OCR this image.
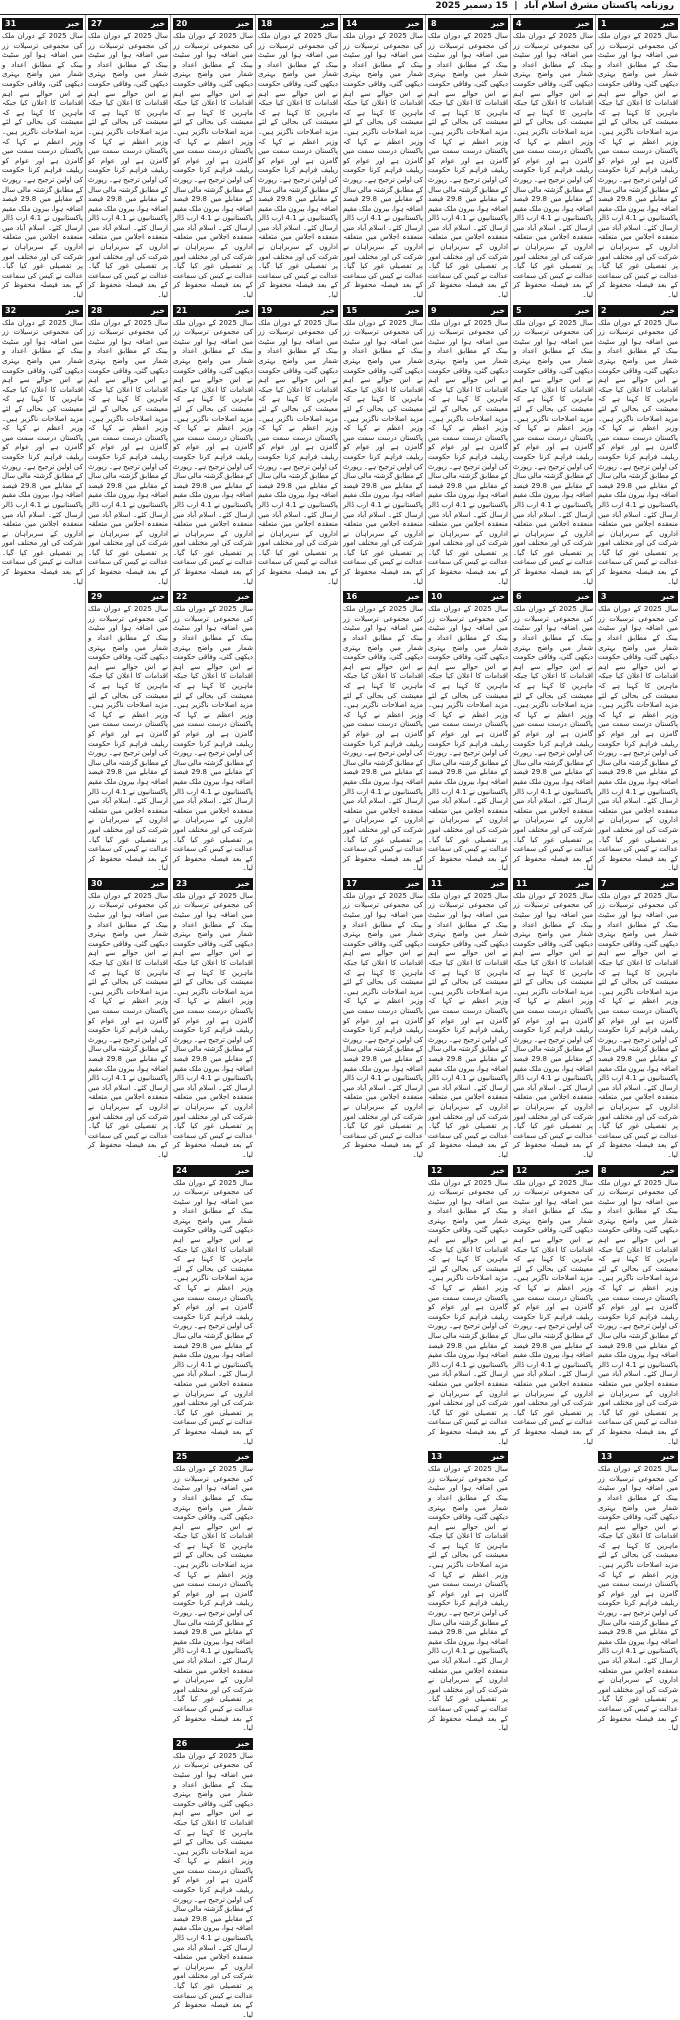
روزنامہ پاکستان مشرق اسلام آباد  |  15 دسمبر 2025
خبر
1
سال 2025 کے دوران ملک کی مجموعی ترسیلات زر میں اضافہ ہوا اور سٹیٹ بینک کے مطابق اعداد و شمار میں واضح بہتری دیکھی گئی، وفاقی حکومت نے اس حوالے سے اہم اقدامات کا اعلان کیا جبکہ ماہرین کا کہنا ہے کہ معیشت کی بحالی کے لئے مزید اصلاحات ناگزیر ہیں۔ وزیر اعظم نے کہا کہ پاکستان درست سمت میں گامزن ہے اور عوام کو ریلیف فراہم کرنا حکومت کی اولین ترجیح ہے۔ رپورٹ کے مطابق گزشتہ مالی سال کے مقابلے میں 29.8 فیصد اضافہ ہوا، بیرون ملک مقیم پاکستانیوں نے 4.1 ارب ڈالر ارسال کئے۔ اسلام آباد میں منعقدہ اجلاس میں متعلقہ اداروں کے سربراہان نے شرکت کی اور مختلف امور پر تفصیلی غور کیا گیا۔ عدالت نے کیس کی سماعت کے بعد فیصلہ محفوظ کر لیا۔
خبر
2
سال 2025 کے دوران ملک کی مجموعی ترسیلات زر میں اضافہ ہوا اور سٹیٹ بینک کے مطابق اعداد و شمار میں واضح بہتری دیکھی گئی، وفاقی حکومت نے اس حوالے سے اہم اقدامات کا اعلان کیا جبکہ ماہرین کا کہنا ہے کہ معیشت کی بحالی کے لئے مزید اصلاحات ناگزیر ہیں۔ وزیر اعظم نے کہا کہ پاکستان درست سمت میں گامزن ہے اور عوام کو ریلیف فراہم کرنا حکومت کی اولین ترجیح ہے۔ رپورٹ کے مطابق گزشتہ مالی سال کے مقابلے میں 29.8 فیصد اضافہ ہوا، بیرون ملک مقیم پاکستانیوں نے 4.1 ارب ڈالر ارسال کئے۔ اسلام آباد میں منعقدہ اجلاس میں متعلقہ اداروں کے سربراہان نے شرکت کی اور مختلف امور پر تفصیلی غور کیا گیا۔ عدالت نے کیس کی سماعت کے بعد فیصلہ محفوظ کر لیا۔
خبر
3
سال 2025 کے دوران ملک کی مجموعی ترسیلات زر میں اضافہ ہوا اور سٹیٹ بینک کے مطابق اعداد و شمار میں واضح بہتری دیکھی گئی، وفاقی حکومت نے اس حوالے سے اہم اقدامات کا اعلان کیا جبکہ ماہرین کا کہنا ہے کہ معیشت کی بحالی کے لئے مزید اصلاحات ناگزیر ہیں۔ وزیر اعظم نے کہا کہ پاکستان درست سمت میں گامزن ہے اور عوام کو ریلیف فراہم کرنا حکومت کی اولین ترجیح ہے۔ رپورٹ کے مطابق گزشتہ مالی سال کے مقابلے میں 29.8 فیصد اضافہ ہوا، بیرون ملک مقیم پاکستانیوں نے 4.1 ارب ڈالر ارسال کئے۔ اسلام آباد میں منعقدہ اجلاس میں متعلقہ اداروں کے سربراہان نے شرکت کی اور مختلف امور پر تفصیلی غور کیا گیا۔ عدالت نے کیس کی سماعت کے بعد فیصلہ محفوظ کر لیا۔
خبر
7
سال 2025 کے دوران ملک کی مجموعی ترسیلات زر میں اضافہ ہوا اور سٹیٹ بینک کے مطابق اعداد و شمار میں واضح بہتری دیکھی گئی، وفاقی حکومت نے اس حوالے سے اہم اقدامات کا اعلان کیا جبکہ ماہرین کا کہنا ہے کہ معیشت کی بحالی کے لئے مزید اصلاحات ناگزیر ہیں۔ وزیر اعظم نے کہا کہ پاکستان درست سمت میں گامزن ہے اور عوام کو ریلیف فراہم کرنا حکومت کی اولین ترجیح ہے۔ رپورٹ کے مطابق گزشتہ مالی سال کے مقابلے میں 29.8 فیصد اضافہ ہوا، بیرون ملک مقیم پاکستانیوں نے 4.1 ارب ڈالر ارسال کئے۔ اسلام آباد میں منعقدہ اجلاس میں متعلقہ اداروں کے سربراہان نے شرکت کی اور مختلف امور پر تفصیلی غور کیا گیا۔ عدالت نے کیس کی سماعت کے بعد فیصلہ محفوظ کر لیا۔
خبر
8
سال 2025 کے دوران ملک کی مجموعی ترسیلات زر میں اضافہ ہوا اور سٹیٹ بینک کے مطابق اعداد و شمار میں واضح بہتری دیکھی گئی، وفاقی حکومت نے اس حوالے سے اہم اقدامات کا اعلان کیا جبکہ ماہرین کا کہنا ہے کہ معیشت کی بحالی کے لئے مزید اصلاحات ناگزیر ہیں۔ وزیر اعظم نے کہا کہ پاکستان درست سمت میں گامزن ہے اور عوام کو ریلیف فراہم کرنا حکومت کی اولین ترجیح ہے۔ رپورٹ کے مطابق گزشتہ مالی سال کے مقابلے میں 29.8 فیصد اضافہ ہوا، بیرون ملک مقیم پاکستانیوں نے 4.1 ارب ڈالر ارسال کئے۔ اسلام آباد میں منعقدہ اجلاس میں متعلقہ اداروں کے سربراہان نے شرکت کی اور مختلف امور پر تفصیلی غور کیا گیا۔ عدالت نے کیس کی سماعت کے بعد فیصلہ محفوظ کر لیا۔
خبر
13
سال 2025 کے دوران ملک کی مجموعی ترسیلات زر میں اضافہ ہوا اور سٹیٹ بینک کے مطابق اعداد و شمار میں واضح بہتری دیکھی گئی، وفاقی حکومت نے اس حوالے سے اہم اقدامات کا اعلان کیا جبکہ ماہرین کا کہنا ہے کہ معیشت کی بحالی کے لئے مزید اصلاحات ناگزیر ہیں۔ وزیر اعظم نے کہا کہ پاکستان درست سمت میں گامزن ہے اور عوام کو ریلیف فراہم کرنا حکومت کی اولین ترجیح ہے۔ رپورٹ کے مطابق گزشتہ مالی سال کے مقابلے میں 29.8 فیصد اضافہ ہوا، بیرون ملک مقیم پاکستانیوں نے 4.1 ارب ڈالر ارسال کئے۔ اسلام آباد میں منعقدہ اجلاس میں متعلقہ اداروں کے سربراہان نے شرکت کی اور مختلف امور پر تفصیلی غور کیا گیا۔ عدالت نے کیس کی سماعت کے بعد فیصلہ محفوظ کر لیا۔
خبر
4
سال 2025 کے دوران ملک کی مجموعی ترسیلات زر میں اضافہ ہوا اور سٹیٹ بینک کے مطابق اعداد و شمار میں واضح بہتری دیکھی گئی، وفاقی حکومت نے اس حوالے سے اہم اقدامات کا اعلان کیا جبکہ ماہرین کا کہنا ہے کہ معیشت کی بحالی کے لئے مزید اصلاحات ناگزیر ہیں۔ وزیر اعظم نے کہا کہ پاکستان درست سمت میں گامزن ہے اور عوام کو ریلیف فراہم کرنا حکومت کی اولین ترجیح ہے۔ رپورٹ کے مطابق گزشتہ مالی سال کے مقابلے میں 29.8 فیصد اضافہ ہوا، بیرون ملک مقیم پاکستانیوں نے 4.1 ارب ڈالر ارسال کئے۔ اسلام آباد میں منعقدہ اجلاس میں متعلقہ اداروں کے سربراہان نے شرکت کی اور مختلف امور پر تفصیلی غور کیا گیا۔ عدالت نے کیس کی سماعت کے بعد فیصلہ محفوظ کر لیا۔
خبر
5
سال 2025 کے دوران ملک کی مجموعی ترسیلات زر میں اضافہ ہوا اور سٹیٹ بینک کے مطابق اعداد و شمار میں واضح بہتری دیکھی گئی، وفاقی حکومت نے اس حوالے سے اہم اقدامات کا اعلان کیا جبکہ ماہرین کا کہنا ہے کہ معیشت کی بحالی کے لئے مزید اصلاحات ناگزیر ہیں۔ وزیر اعظم نے کہا کہ پاکستان درست سمت میں گامزن ہے اور عوام کو ریلیف فراہم کرنا حکومت کی اولین ترجیح ہے۔ رپورٹ کے مطابق گزشتہ مالی سال کے مقابلے میں 29.8 فیصد اضافہ ہوا، بیرون ملک مقیم پاکستانیوں نے 4.1 ارب ڈالر ارسال کئے۔ اسلام آباد میں منعقدہ اجلاس میں متعلقہ اداروں کے سربراہان نے شرکت کی اور مختلف امور پر تفصیلی غور کیا گیا۔ عدالت نے کیس کی سماعت کے بعد فیصلہ محفوظ کر لیا۔
خبر
6
سال 2025 کے دوران ملک کی مجموعی ترسیلات زر میں اضافہ ہوا اور سٹیٹ بینک کے مطابق اعداد و شمار میں واضح بہتری دیکھی گئی، وفاقی حکومت نے اس حوالے سے اہم اقدامات کا اعلان کیا جبکہ ماہرین کا کہنا ہے کہ معیشت کی بحالی کے لئے مزید اصلاحات ناگزیر ہیں۔ وزیر اعظم نے کہا کہ پاکستان درست سمت میں گامزن ہے اور عوام کو ریلیف فراہم کرنا حکومت کی اولین ترجیح ہے۔ رپورٹ کے مطابق گزشتہ مالی سال کے مقابلے میں 29.8 فیصد اضافہ ہوا، بیرون ملک مقیم پاکستانیوں نے 4.1 ارب ڈالر ارسال کئے۔ اسلام آباد میں منعقدہ اجلاس میں متعلقہ اداروں کے سربراہان نے شرکت کی اور مختلف امور پر تفصیلی غور کیا گیا۔ عدالت نے کیس کی سماعت کے بعد فیصلہ محفوظ کر لیا۔
خبر
11
سال 2025 کے دوران ملک کی مجموعی ترسیلات زر میں اضافہ ہوا اور سٹیٹ بینک کے مطابق اعداد و شمار میں واضح بہتری دیکھی گئی، وفاقی حکومت نے اس حوالے سے اہم اقدامات کا اعلان کیا جبکہ ماہرین کا کہنا ہے کہ معیشت کی بحالی کے لئے مزید اصلاحات ناگزیر ہیں۔ وزیر اعظم نے کہا کہ پاکستان درست سمت میں گامزن ہے اور عوام کو ریلیف فراہم کرنا حکومت کی اولین ترجیح ہے۔ رپورٹ کے مطابق گزشتہ مالی سال کے مقابلے میں 29.8 فیصد اضافہ ہوا، بیرون ملک مقیم پاکستانیوں نے 4.1 ارب ڈالر ارسال کئے۔ اسلام آباد میں منعقدہ اجلاس میں متعلقہ اداروں کے سربراہان نے شرکت کی اور مختلف امور پر تفصیلی غور کیا گیا۔ عدالت نے کیس کی سماعت کے بعد فیصلہ محفوظ کر لیا۔
خبر
12
سال 2025 کے دوران ملک کی مجموعی ترسیلات زر میں اضافہ ہوا اور سٹیٹ بینک کے مطابق اعداد و شمار میں واضح بہتری دیکھی گئی، وفاقی حکومت نے اس حوالے سے اہم اقدامات کا اعلان کیا جبکہ ماہرین کا کہنا ہے کہ معیشت کی بحالی کے لئے مزید اصلاحات ناگزیر ہیں۔ وزیر اعظم نے کہا کہ پاکستان درست سمت میں گامزن ہے اور عوام کو ریلیف فراہم کرنا حکومت کی اولین ترجیح ہے۔ رپورٹ کے مطابق گزشتہ مالی سال کے مقابلے میں 29.8 فیصد اضافہ ہوا، بیرون ملک مقیم پاکستانیوں نے 4.1 ارب ڈالر ارسال کئے۔ اسلام آباد میں منعقدہ اجلاس میں متعلقہ اداروں کے سربراہان نے شرکت کی اور مختلف امور پر تفصیلی غور کیا گیا۔ عدالت نے کیس کی سماعت کے بعد فیصلہ محفوظ کر لیا۔
خبر
8
سال 2025 کے دوران ملک کی مجموعی ترسیلات زر میں اضافہ ہوا اور سٹیٹ بینک کے مطابق اعداد و شمار میں واضح بہتری دیکھی گئی، وفاقی حکومت نے اس حوالے سے اہم اقدامات کا اعلان کیا جبکہ ماہرین کا کہنا ہے کہ معیشت کی بحالی کے لئے مزید اصلاحات ناگزیر ہیں۔ وزیر اعظم نے کہا کہ پاکستان درست سمت میں گامزن ہے اور عوام کو ریلیف فراہم کرنا حکومت کی اولین ترجیح ہے۔ رپورٹ کے مطابق گزشتہ مالی سال کے مقابلے میں 29.8 فیصد اضافہ ہوا، بیرون ملک مقیم پاکستانیوں نے 4.1 ارب ڈالر ارسال کئے۔ اسلام آباد میں منعقدہ اجلاس میں متعلقہ اداروں کے سربراہان نے شرکت کی اور مختلف امور پر تفصیلی غور کیا گیا۔ عدالت نے کیس کی سماعت کے بعد فیصلہ محفوظ کر لیا۔
خبر
9
سال 2025 کے دوران ملک کی مجموعی ترسیلات زر میں اضافہ ہوا اور سٹیٹ بینک کے مطابق اعداد و شمار میں واضح بہتری دیکھی گئی، وفاقی حکومت نے اس حوالے سے اہم اقدامات کا اعلان کیا جبکہ ماہرین کا کہنا ہے کہ معیشت کی بحالی کے لئے مزید اصلاحات ناگزیر ہیں۔ وزیر اعظم نے کہا کہ پاکستان درست سمت میں گامزن ہے اور عوام کو ریلیف فراہم کرنا حکومت کی اولین ترجیح ہے۔ رپورٹ کے مطابق گزشتہ مالی سال کے مقابلے میں 29.8 فیصد اضافہ ہوا، بیرون ملک مقیم پاکستانیوں نے 4.1 ارب ڈالر ارسال کئے۔ اسلام آباد میں منعقدہ اجلاس میں متعلقہ اداروں کے سربراہان نے شرکت کی اور مختلف امور پر تفصیلی غور کیا گیا۔ عدالت نے کیس کی سماعت کے بعد فیصلہ محفوظ کر لیا۔
خبر
10
سال 2025 کے دوران ملک کی مجموعی ترسیلات زر میں اضافہ ہوا اور سٹیٹ بینک کے مطابق اعداد و شمار میں واضح بہتری دیکھی گئی، وفاقی حکومت نے اس حوالے سے اہم اقدامات کا اعلان کیا جبکہ ماہرین کا کہنا ہے کہ معیشت کی بحالی کے لئے مزید اصلاحات ناگزیر ہیں۔ وزیر اعظم نے کہا کہ پاکستان درست سمت میں گامزن ہے اور عوام کو ریلیف فراہم کرنا حکومت کی اولین ترجیح ہے۔ رپورٹ کے مطابق گزشتہ مالی سال کے مقابلے میں 29.8 فیصد اضافہ ہوا، بیرون ملک مقیم پاکستانیوں نے 4.1 ارب ڈالر ارسال کئے۔ اسلام آباد میں منعقدہ اجلاس میں متعلقہ اداروں کے سربراہان نے شرکت کی اور مختلف امور پر تفصیلی غور کیا گیا۔ عدالت نے کیس کی سماعت کے بعد فیصلہ محفوظ کر لیا۔
خبر
11
سال 2025 کے دوران ملک کی مجموعی ترسیلات زر میں اضافہ ہوا اور سٹیٹ بینک کے مطابق اعداد و شمار میں واضح بہتری دیکھی گئی، وفاقی حکومت نے اس حوالے سے اہم اقدامات کا اعلان کیا جبکہ ماہرین کا کہنا ہے کہ معیشت کی بحالی کے لئے مزید اصلاحات ناگزیر ہیں۔ وزیر اعظم نے کہا کہ پاکستان درست سمت میں گامزن ہے اور عوام کو ریلیف فراہم کرنا حکومت کی اولین ترجیح ہے۔ رپورٹ کے مطابق گزشتہ مالی سال کے مقابلے میں 29.8 فیصد اضافہ ہوا، بیرون ملک مقیم پاکستانیوں نے 4.1 ارب ڈالر ارسال کئے۔ اسلام آباد میں منعقدہ اجلاس میں متعلقہ اداروں کے سربراہان نے شرکت کی اور مختلف امور پر تفصیلی غور کیا گیا۔ عدالت نے کیس کی سماعت کے بعد فیصلہ محفوظ کر لیا۔
خبر
12
سال 2025 کے دوران ملک کی مجموعی ترسیلات زر میں اضافہ ہوا اور سٹیٹ بینک کے مطابق اعداد و شمار میں واضح بہتری دیکھی گئی، وفاقی حکومت نے اس حوالے سے اہم اقدامات کا اعلان کیا جبکہ ماہرین کا کہنا ہے کہ معیشت کی بحالی کے لئے مزید اصلاحات ناگزیر ہیں۔ وزیر اعظم نے کہا کہ پاکستان درست سمت میں گامزن ہے اور عوام کو ریلیف فراہم کرنا حکومت کی اولین ترجیح ہے۔ رپورٹ کے مطابق گزشتہ مالی سال کے مقابلے میں 29.8 فیصد اضافہ ہوا، بیرون ملک مقیم پاکستانیوں نے 4.1 ارب ڈالر ارسال کئے۔ اسلام آباد میں منعقدہ اجلاس میں متعلقہ اداروں کے سربراہان نے شرکت کی اور مختلف امور پر تفصیلی غور کیا گیا۔ عدالت نے کیس کی سماعت کے بعد فیصلہ محفوظ کر لیا۔
خبر
13
سال 2025 کے دوران ملک کی مجموعی ترسیلات زر میں اضافہ ہوا اور سٹیٹ بینک کے مطابق اعداد و شمار میں واضح بہتری دیکھی گئی، وفاقی حکومت نے اس حوالے سے اہم اقدامات کا اعلان کیا جبکہ ماہرین کا کہنا ہے کہ معیشت کی بحالی کے لئے مزید اصلاحات ناگزیر ہیں۔ وزیر اعظم نے کہا کہ پاکستان درست سمت میں گامزن ہے اور عوام کو ریلیف فراہم کرنا حکومت کی اولین ترجیح ہے۔ رپورٹ کے مطابق گزشتہ مالی سال کے مقابلے میں 29.8 فیصد اضافہ ہوا، بیرون ملک مقیم پاکستانیوں نے 4.1 ارب ڈالر ارسال کئے۔ اسلام آباد میں منعقدہ اجلاس میں متعلقہ اداروں کے سربراہان نے شرکت کی اور مختلف امور پر تفصیلی غور کیا گیا۔ عدالت نے کیس کی سماعت کے بعد فیصلہ محفوظ کر لیا۔
خبر
14
سال 2025 کے دوران ملک کی مجموعی ترسیلات زر میں اضافہ ہوا اور سٹیٹ بینک کے مطابق اعداد و شمار میں واضح بہتری دیکھی گئی، وفاقی حکومت نے اس حوالے سے اہم اقدامات کا اعلان کیا جبکہ ماہرین کا کہنا ہے کہ معیشت کی بحالی کے لئے مزید اصلاحات ناگزیر ہیں۔ وزیر اعظم نے کہا کہ پاکستان درست سمت میں گامزن ہے اور عوام کو ریلیف فراہم کرنا حکومت کی اولین ترجیح ہے۔ رپورٹ کے مطابق گزشتہ مالی سال کے مقابلے میں 29.8 فیصد اضافہ ہوا، بیرون ملک مقیم پاکستانیوں نے 4.1 ارب ڈالر ارسال کئے۔ اسلام آباد میں منعقدہ اجلاس میں متعلقہ اداروں کے سربراہان نے شرکت کی اور مختلف امور پر تفصیلی غور کیا گیا۔ عدالت نے کیس کی سماعت کے بعد فیصلہ محفوظ کر لیا۔
خبر
15
سال 2025 کے دوران ملک کی مجموعی ترسیلات زر میں اضافہ ہوا اور سٹیٹ بینک کے مطابق اعداد و شمار میں واضح بہتری دیکھی گئی، وفاقی حکومت نے اس حوالے سے اہم اقدامات کا اعلان کیا جبکہ ماہرین کا کہنا ہے کہ معیشت کی بحالی کے لئے مزید اصلاحات ناگزیر ہیں۔ وزیر اعظم نے کہا کہ پاکستان درست سمت میں گامزن ہے اور عوام کو ریلیف فراہم کرنا حکومت کی اولین ترجیح ہے۔ رپورٹ کے مطابق گزشتہ مالی سال کے مقابلے میں 29.8 فیصد اضافہ ہوا، بیرون ملک مقیم پاکستانیوں نے 4.1 ارب ڈالر ارسال کئے۔ اسلام آباد میں منعقدہ اجلاس میں متعلقہ اداروں کے سربراہان نے شرکت کی اور مختلف امور پر تفصیلی غور کیا گیا۔ عدالت نے کیس کی سماعت کے بعد فیصلہ محفوظ کر لیا۔
خبر
16
سال 2025 کے دوران ملک کی مجموعی ترسیلات زر میں اضافہ ہوا اور سٹیٹ بینک کے مطابق اعداد و شمار میں واضح بہتری دیکھی گئی، وفاقی حکومت نے اس حوالے سے اہم اقدامات کا اعلان کیا جبکہ ماہرین کا کہنا ہے کہ معیشت کی بحالی کے لئے مزید اصلاحات ناگزیر ہیں۔ وزیر اعظم نے کہا کہ پاکستان درست سمت میں گامزن ہے اور عوام کو ریلیف فراہم کرنا حکومت کی اولین ترجیح ہے۔ رپورٹ کے مطابق گزشتہ مالی سال کے مقابلے میں 29.8 فیصد اضافہ ہوا، بیرون ملک مقیم پاکستانیوں نے 4.1 ارب ڈالر ارسال کئے۔ اسلام آباد میں منعقدہ اجلاس میں متعلقہ اداروں کے سربراہان نے شرکت کی اور مختلف امور پر تفصیلی غور کیا گیا۔ عدالت نے کیس کی سماعت کے بعد فیصلہ محفوظ کر لیا۔
خبر
17
سال 2025 کے دوران ملک کی مجموعی ترسیلات زر میں اضافہ ہوا اور سٹیٹ بینک کے مطابق اعداد و شمار میں واضح بہتری دیکھی گئی، وفاقی حکومت نے اس حوالے سے اہم اقدامات کا اعلان کیا جبکہ ماہرین کا کہنا ہے کہ معیشت کی بحالی کے لئے مزید اصلاحات ناگزیر ہیں۔ وزیر اعظم نے کہا کہ پاکستان درست سمت میں گامزن ہے اور عوام کو ریلیف فراہم کرنا حکومت کی اولین ترجیح ہے۔ رپورٹ کے مطابق گزشتہ مالی سال کے مقابلے میں 29.8 فیصد اضافہ ہوا، بیرون ملک مقیم پاکستانیوں نے 4.1 ارب ڈالر ارسال کئے۔ اسلام آباد میں منعقدہ اجلاس میں متعلقہ اداروں کے سربراہان نے شرکت کی اور مختلف امور پر تفصیلی غور کیا گیا۔ عدالت نے کیس کی سماعت کے بعد فیصلہ محفوظ کر لیا۔
خبر
18
سال 2025 کے دوران ملک کی مجموعی ترسیلات زر میں اضافہ ہوا اور سٹیٹ بینک کے مطابق اعداد و شمار میں واضح بہتری دیکھی گئی، وفاقی حکومت نے اس حوالے سے اہم اقدامات کا اعلان کیا جبکہ ماہرین کا کہنا ہے کہ معیشت کی بحالی کے لئے مزید اصلاحات ناگزیر ہیں۔ وزیر اعظم نے کہا کہ پاکستان درست سمت میں گامزن ہے اور عوام کو ریلیف فراہم کرنا حکومت کی اولین ترجیح ہے۔ رپورٹ کے مطابق گزشتہ مالی سال کے مقابلے میں 29.8 فیصد اضافہ ہوا، بیرون ملک مقیم پاکستانیوں نے 4.1 ارب ڈالر ارسال کئے۔ اسلام آباد میں منعقدہ اجلاس میں متعلقہ اداروں کے سربراہان نے شرکت کی اور مختلف امور پر تفصیلی غور کیا گیا۔ عدالت نے کیس کی سماعت کے بعد فیصلہ محفوظ کر لیا۔
خبر
19
سال 2025 کے دوران ملک کی مجموعی ترسیلات زر میں اضافہ ہوا اور سٹیٹ بینک کے مطابق اعداد و شمار میں واضح بہتری دیکھی گئی، وفاقی حکومت نے اس حوالے سے اہم اقدامات کا اعلان کیا جبکہ ماہرین کا کہنا ہے کہ معیشت کی بحالی کے لئے مزید اصلاحات ناگزیر ہیں۔ وزیر اعظم نے کہا کہ پاکستان درست سمت میں گامزن ہے اور عوام کو ریلیف فراہم کرنا حکومت کی اولین ترجیح ہے۔ رپورٹ کے مطابق گزشتہ مالی سال کے مقابلے میں 29.8 فیصد اضافہ ہوا، بیرون ملک مقیم پاکستانیوں نے 4.1 ارب ڈالر ارسال کئے۔ اسلام آباد میں منعقدہ اجلاس میں متعلقہ اداروں کے سربراہان نے شرکت کی اور مختلف امور پر تفصیلی غور کیا گیا۔ عدالت نے کیس کی سماعت کے بعد فیصلہ محفوظ کر لیا۔
خبر
20
سال 2025 کے دوران ملک کی مجموعی ترسیلات زر میں اضافہ ہوا اور سٹیٹ بینک کے مطابق اعداد و شمار میں واضح بہتری دیکھی گئی، وفاقی حکومت نے اس حوالے سے اہم اقدامات کا اعلان کیا جبکہ ماہرین کا کہنا ہے کہ معیشت کی بحالی کے لئے مزید اصلاحات ناگزیر ہیں۔ وزیر اعظم نے کہا کہ پاکستان درست سمت میں گامزن ہے اور عوام کو ریلیف فراہم کرنا حکومت کی اولین ترجیح ہے۔ رپورٹ کے مطابق گزشتہ مالی سال کے مقابلے میں 29.8 فیصد اضافہ ہوا، بیرون ملک مقیم پاکستانیوں نے 4.1 ارب ڈالر ارسال کئے۔ اسلام آباد میں منعقدہ اجلاس میں متعلقہ اداروں کے سربراہان نے شرکت کی اور مختلف امور پر تفصیلی غور کیا گیا۔ عدالت نے کیس کی سماعت کے بعد فیصلہ محفوظ کر لیا۔
خبر
21
سال 2025 کے دوران ملک کی مجموعی ترسیلات زر میں اضافہ ہوا اور سٹیٹ بینک کے مطابق اعداد و شمار میں واضح بہتری دیکھی گئی، وفاقی حکومت نے اس حوالے سے اہم اقدامات کا اعلان کیا جبکہ ماہرین کا کہنا ہے کہ معیشت کی بحالی کے لئے مزید اصلاحات ناگزیر ہیں۔ وزیر اعظم نے کہا کہ پاکستان درست سمت میں گامزن ہے اور عوام کو ریلیف فراہم کرنا حکومت کی اولین ترجیح ہے۔ رپورٹ کے مطابق گزشتہ مالی سال کے مقابلے میں 29.8 فیصد اضافہ ہوا، بیرون ملک مقیم پاکستانیوں نے 4.1 ارب ڈالر ارسال کئے۔ اسلام آباد میں منعقدہ اجلاس میں متعلقہ اداروں کے سربراہان نے شرکت کی اور مختلف امور پر تفصیلی غور کیا گیا۔ عدالت نے کیس کی سماعت کے بعد فیصلہ محفوظ کر لیا۔
خبر
22
سال 2025 کے دوران ملک کی مجموعی ترسیلات زر میں اضافہ ہوا اور سٹیٹ بینک کے مطابق اعداد و شمار میں واضح بہتری دیکھی گئی، وفاقی حکومت نے اس حوالے سے اہم اقدامات کا اعلان کیا جبکہ ماہرین کا کہنا ہے کہ معیشت کی بحالی کے لئے مزید اصلاحات ناگزیر ہیں۔ وزیر اعظم نے کہا کہ پاکستان درست سمت میں گامزن ہے اور عوام کو ریلیف فراہم کرنا حکومت کی اولین ترجیح ہے۔ رپورٹ کے مطابق گزشتہ مالی سال کے مقابلے میں 29.8 فیصد اضافہ ہوا، بیرون ملک مقیم پاکستانیوں نے 4.1 ارب ڈالر ارسال کئے۔ اسلام آباد میں منعقدہ اجلاس میں متعلقہ اداروں کے سربراہان نے شرکت کی اور مختلف امور پر تفصیلی غور کیا گیا۔ عدالت نے کیس کی سماعت کے بعد فیصلہ محفوظ کر لیا۔
خبر
23
سال 2025 کے دوران ملک کی مجموعی ترسیلات زر میں اضافہ ہوا اور سٹیٹ بینک کے مطابق اعداد و شمار میں واضح بہتری دیکھی گئی، وفاقی حکومت نے اس حوالے سے اہم اقدامات کا اعلان کیا جبکہ ماہرین کا کہنا ہے کہ معیشت کی بحالی کے لئے مزید اصلاحات ناگزیر ہیں۔ وزیر اعظم نے کہا کہ پاکستان درست سمت میں گامزن ہے اور عوام کو ریلیف فراہم کرنا حکومت کی اولین ترجیح ہے۔ رپورٹ کے مطابق گزشتہ مالی سال کے مقابلے میں 29.8 فیصد اضافہ ہوا، بیرون ملک مقیم پاکستانیوں نے 4.1 ارب ڈالر ارسال کئے۔ اسلام آباد میں منعقدہ اجلاس میں متعلقہ اداروں کے سربراہان نے شرکت کی اور مختلف امور پر تفصیلی غور کیا گیا۔ عدالت نے کیس کی سماعت کے بعد فیصلہ محفوظ کر لیا۔
خبر
24
سال 2025 کے دوران ملک کی مجموعی ترسیلات زر میں اضافہ ہوا اور سٹیٹ بینک کے مطابق اعداد و شمار میں واضح بہتری دیکھی گئی، وفاقی حکومت نے اس حوالے سے اہم اقدامات کا اعلان کیا جبکہ ماہرین کا کہنا ہے کہ معیشت کی بحالی کے لئے مزید اصلاحات ناگزیر ہیں۔ وزیر اعظم نے کہا کہ پاکستان درست سمت میں گامزن ہے اور عوام کو ریلیف فراہم کرنا حکومت کی اولین ترجیح ہے۔ رپورٹ کے مطابق گزشتہ مالی سال کے مقابلے میں 29.8 فیصد اضافہ ہوا، بیرون ملک مقیم پاکستانیوں نے 4.1 ارب ڈالر ارسال کئے۔ اسلام آباد میں منعقدہ اجلاس میں متعلقہ اداروں کے سربراہان نے شرکت کی اور مختلف امور پر تفصیلی غور کیا گیا۔ عدالت نے کیس کی سماعت کے بعد فیصلہ محفوظ کر لیا۔
خبر
25
سال 2025 کے دوران ملک کی مجموعی ترسیلات زر میں اضافہ ہوا اور سٹیٹ بینک کے مطابق اعداد و شمار میں واضح بہتری دیکھی گئی، وفاقی حکومت نے اس حوالے سے اہم اقدامات کا اعلان کیا جبکہ ماہرین کا کہنا ہے کہ معیشت کی بحالی کے لئے مزید اصلاحات ناگزیر ہیں۔ وزیر اعظم نے کہا کہ پاکستان درست سمت میں گامزن ہے اور عوام کو ریلیف فراہم کرنا حکومت کی اولین ترجیح ہے۔ رپورٹ کے مطابق گزشتہ مالی سال کے مقابلے میں 29.8 فیصد اضافہ ہوا، بیرون ملک مقیم پاکستانیوں نے 4.1 ارب ڈالر ارسال کئے۔ اسلام آباد میں منعقدہ اجلاس میں متعلقہ اداروں کے سربراہان نے شرکت کی اور مختلف امور پر تفصیلی غور کیا گیا۔ عدالت نے کیس کی سماعت کے بعد فیصلہ محفوظ کر لیا۔
خبر
26
سال 2025 کے دوران ملک کی مجموعی ترسیلات زر میں اضافہ ہوا اور سٹیٹ بینک کے مطابق اعداد و شمار میں واضح بہتری دیکھی گئی، وفاقی حکومت نے اس حوالے سے اہم اقدامات کا اعلان کیا جبکہ ماہرین کا کہنا ہے کہ معیشت کی بحالی کے لئے مزید اصلاحات ناگزیر ہیں۔ وزیر اعظم نے کہا کہ پاکستان درست سمت میں گامزن ہے اور عوام کو ریلیف فراہم کرنا حکومت کی اولین ترجیح ہے۔ رپورٹ کے مطابق گزشتہ مالی سال کے مقابلے میں 29.8 فیصد اضافہ ہوا، بیرون ملک مقیم پاکستانیوں نے 4.1 ارب ڈالر ارسال کئے۔ اسلام آباد میں منعقدہ اجلاس میں متعلقہ اداروں کے سربراہان نے شرکت کی اور مختلف امور پر تفصیلی غور کیا گیا۔ عدالت نے کیس کی سماعت کے بعد فیصلہ محفوظ کر لیا۔
خبر
27
سال 2025 کے دوران ملک کی مجموعی ترسیلات زر میں اضافہ ہوا اور سٹیٹ بینک کے مطابق اعداد و شمار میں واضح بہتری دیکھی گئی، وفاقی حکومت نے اس حوالے سے اہم اقدامات کا اعلان کیا جبکہ ماہرین کا کہنا ہے کہ معیشت کی بحالی کے لئے مزید اصلاحات ناگزیر ہیں۔ وزیر اعظم نے کہا کہ پاکستان درست سمت میں گامزن ہے اور عوام کو ریلیف فراہم کرنا حکومت کی اولین ترجیح ہے۔ رپورٹ کے مطابق گزشتہ مالی سال کے مقابلے میں 29.8 فیصد اضافہ ہوا، بیرون ملک مقیم پاکستانیوں نے 4.1 ارب ڈالر ارسال کئے۔ اسلام آباد میں منعقدہ اجلاس میں متعلقہ اداروں کے سربراہان نے شرکت کی اور مختلف امور پر تفصیلی غور کیا گیا۔ عدالت نے کیس کی سماعت کے بعد فیصلہ محفوظ کر لیا۔
خبر
28
سال 2025 کے دوران ملک کی مجموعی ترسیلات زر میں اضافہ ہوا اور سٹیٹ بینک کے مطابق اعداد و شمار میں واضح بہتری دیکھی گئی، وفاقی حکومت نے اس حوالے سے اہم اقدامات کا اعلان کیا جبکہ ماہرین کا کہنا ہے کہ معیشت کی بحالی کے لئے مزید اصلاحات ناگزیر ہیں۔ وزیر اعظم نے کہا کہ پاکستان درست سمت میں گامزن ہے اور عوام کو ریلیف فراہم کرنا حکومت کی اولین ترجیح ہے۔ رپورٹ کے مطابق گزشتہ مالی سال کے مقابلے میں 29.8 فیصد اضافہ ہوا، بیرون ملک مقیم پاکستانیوں نے 4.1 ارب ڈالر ارسال کئے۔ اسلام آباد میں منعقدہ اجلاس میں متعلقہ اداروں کے سربراہان نے شرکت کی اور مختلف امور پر تفصیلی غور کیا گیا۔ عدالت نے کیس کی سماعت کے بعد فیصلہ محفوظ کر لیا۔
خبر
29
سال 2025 کے دوران ملک کی مجموعی ترسیلات زر میں اضافہ ہوا اور سٹیٹ بینک کے مطابق اعداد و شمار میں واضح بہتری دیکھی گئی، وفاقی حکومت نے اس حوالے سے اہم اقدامات کا اعلان کیا جبکہ ماہرین کا کہنا ہے کہ معیشت کی بحالی کے لئے مزید اصلاحات ناگزیر ہیں۔ وزیر اعظم نے کہا کہ پاکستان درست سمت میں گامزن ہے اور عوام کو ریلیف فراہم کرنا حکومت کی اولین ترجیح ہے۔ رپورٹ کے مطابق گزشتہ مالی سال کے مقابلے میں 29.8 فیصد اضافہ ہوا، بیرون ملک مقیم پاکستانیوں نے 4.1 ارب ڈالر ارسال کئے۔ اسلام آباد میں منعقدہ اجلاس میں متعلقہ اداروں کے سربراہان نے شرکت کی اور مختلف امور پر تفصیلی غور کیا گیا۔ عدالت نے کیس کی سماعت کے بعد فیصلہ محفوظ کر لیا۔
خبر
30
سال 2025 کے دوران ملک کی مجموعی ترسیلات زر میں اضافہ ہوا اور سٹیٹ بینک کے مطابق اعداد و شمار میں واضح بہتری دیکھی گئی، وفاقی حکومت نے اس حوالے سے اہم اقدامات کا اعلان کیا جبکہ ماہرین کا کہنا ہے کہ معیشت کی بحالی کے لئے مزید اصلاحات ناگزیر ہیں۔ وزیر اعظم نے کہا کہ پاکستان درست سمت میں گامزن ہے اور عوام کو ریلیف فراہم کرنا حکومت کی اولین ترجیح ہے۔ رپورٹ کے مطابق گزشتہ مالی سال کے مقابلے میں 29.8 فیصد اضافہ ہوا، بیرون ملک مقیم پاکستانیوں نے 4.1 ارب ڈالر ارسال کئے۔ اسلام آباد میں منعقدہ اجلاس میں متعلقہ اداروں کے سربراہان نے شرکت کی اور مختلف امور پر تفصیلی غور کیا گیا۔ عدالت نے کیس کی سماعت کے بعد فیصلہ محفوظ کر لیا۔
خبر
31
سال 2025 کے دوران ملک کی مجموعی ترسیلات زر میں اضافہ ہوا اور سٹیٹ بینک کے مطابق اعداد و شمار میں واضح بہتری دیکھی گئی، وفاقی حکومت نے اس حوالے سے اہم اقدامات کا اعلان کیا جبکہ ماہرین کا کہنا ہے کہ معیشت کی بحالی کے لئے مزید اصلاحات ناگزیر ہیں۔ وزیر اعظم نے کہا کہ پاکستان درست سمت میں گامزن ہے اور عوام کو ریلیف فراہم کرنا حکومت کی اولین ترجیح ہے۔ رپورٹ کے مطابق گزشتہ مالی سال کے مقابلے میں 29.8 فیصد اضافہ ہوا، بیرون ملک مقیم پاکستانیوں نے 4.1 ارب ڈالر ارسال کئے۔ اسلام آباد میں منعقدہ اجلاس میں متعلقہ اداروں کے سربراہان نے شرکت کی اور مختلف امور پر تفصیلی غور کیا گیا۔ عدالت نے کیس کی سماعت کے بعد فیصلہ محفوظ کر لیا۔
خبر
32
سال 2025 کے دوران ملک کی مجموعی ترسیلات زر میں اضافہ ہوا اور سٹیٹ بینک کے مطابق اعداد و شمار میں واضح بہتری دیکھی گئی، وفاقی حکومت نے اس حوالے سے اہم اقدامات کا اعلان کیا جبکہ ماہرین کا کہنا ہے کہ معیشت کی بحالی کے لئے مزید اصلاحات ناگزیر ہیں۔ وزیر اعظم نے کہا کہ پاکستان درست سمت میں گامزن ہے اور عوام کو ریلیف فراہم کرنا حکومت کی اولین ترجیح ہے۔ رپورٹ کے مطابق گزشتہ مالی سال کے مقابلے میں 29.8 فیصد اضافہ ہوا، بیرون ملک مقیم پاکستانیوں نے 4.1 ارب ڈالر ارسال کئے۔ اسلام آباد میں منعقدہ اجلاس میں متعلقہ اداروں کے سربراہان نے شرکت کی اور مختلف امور پر تفصیلی غور کیا گیا۔ عدالت نے کیس کی سماعت کے بعد فیصلہ محفوظ کر لیا۔
